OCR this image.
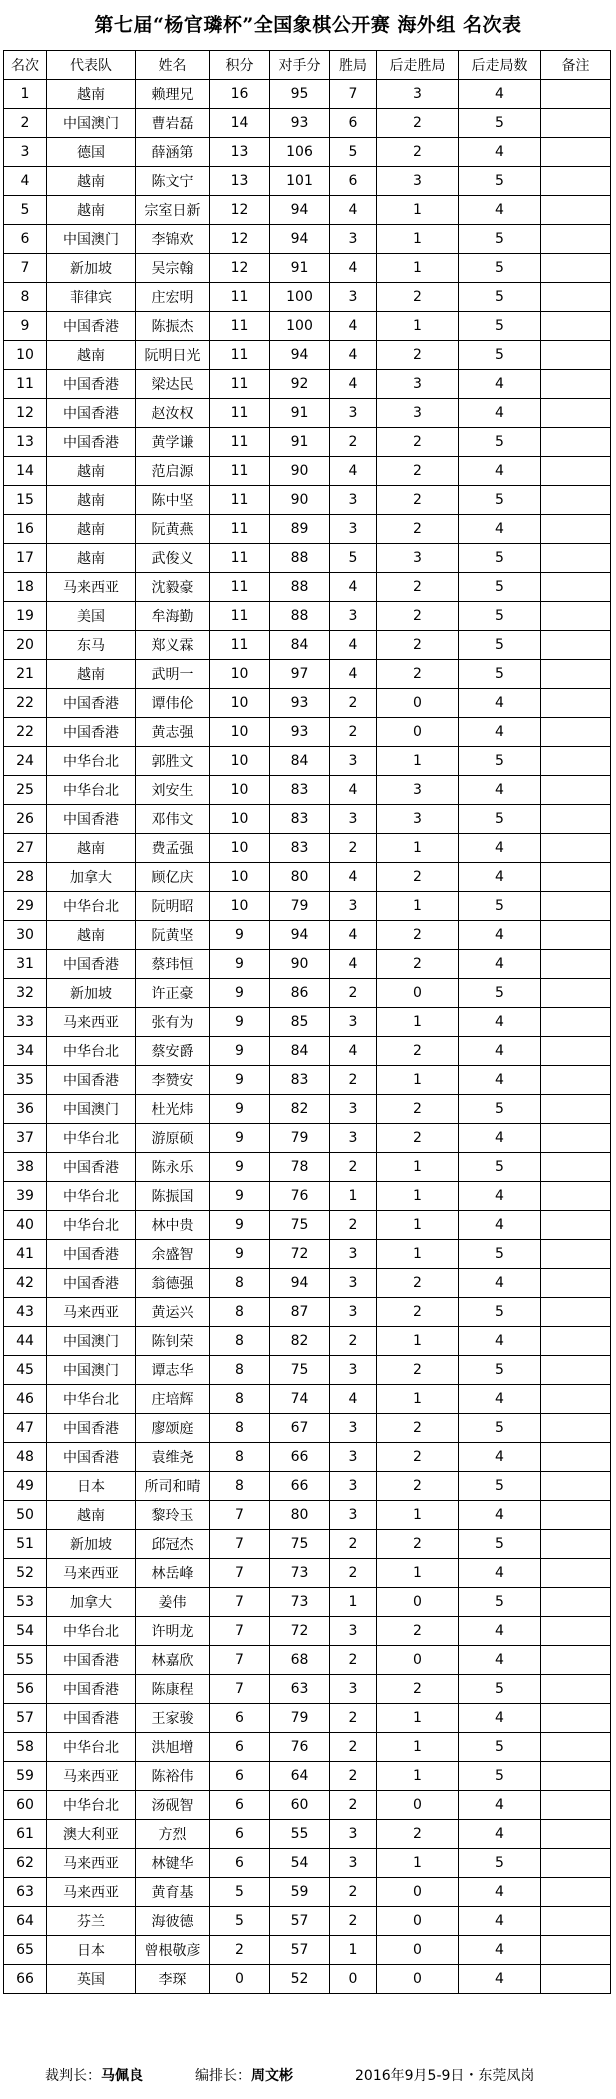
第七届“杨官璘杯”全国象棋公开赛 海外组 名次表
名次	代表队	姓名	积分	对手分	胜局	后走胜局	后走局数	备注
1	越南	赖理兄	16	95	7	3	4	
2	中国澳门	曹岩磊	14	93	6	2	5	
3	德国	薛涵第	13	106	5	2	4	
4	越南	陈文宁	13	101	6	3	5	
5	越南	宗室日新	12	94	4	1	4	
6	中国澳门	李锦欢	12	94	3	1	5	
7	新加坡	吴宗翰	12	91	4	1	5	
8	菲律宾	庄宏明	11	100	3	2	5	
9	中国香港	陈振杰	11	100	4	1	5	
10	越南	阮明日光	11	94	4	2	5	
11	中国香港	梁达民	11	92	4	3	4	
12	中国香港	赵汝权	11	91	3	3	4	
13	中国香港	黄学谦	11	91	2	2	5	
14	越南	范启源	11	90	4	2	4	
15	越南	陈中坚	11	90	3	2	5	
16	越南	阮黄燕	11	89	3	2	4	
17	越南	武俊义	11	88	5	3	5	
18	马来西亚	沈毅豪	11	88	4	2	5	
19	美国	牟海勤	11	88	3	2	5	
20	东马	郑义霖	11	84	4	2	5	
21	越南	武明一	10	97	4	2	5	
22	中国香港	谭伟伦	10	93	2	0	4	
22	中国香港	黄志强	10	93	2	0	4	
24	中华台北	郭胜文	10	84	3	1	5	
25	中华台北	刘安生	10	83	4	3	4	
26	中国香港	邓伟文	10	83	3	3	5	
27	越南	费孟强	10	83	2	1	4	
28	加拿大	顾亿庆	10	80	4	2	4	
29	中华台北	阮明昭	10	79	3	1	5	
30	越南	阮黄坚	9	94	4	2	4	
31	中国香港	蔡玮恒	9	90	4	2	4	
32	新加坡	许正豪	9	86	2	0	5	
33	马来西亚	张有为	9	85	3	1	4	
34	中华台北	蔡安爵	9	84	4	2	4	
35	中国香港	李赞安	9	83	2	1	4	
36	中国澳门	杜光炜	9	82	3	2	5	
37	中华台北	游原硕	9	79	3	2	4	
38	中国香港	陈永乐	9	78	2	1	5	
39	中华台北	陈振国	9	76	1	1	4	
40	中华台北	林中贵	9	75	2	1	4	
41	中国香港	余盛智	9	72	3	1	5	
42	中国香港	翁德强	8	94	3	2	4	
43	马来西亚	黄运兴	8	87	3	2	5	
44	中国澳门	陈钊荣	8	82	2	1	4	
45	中国澳门	谭志华	8	75	3	2	5	
46	中华台北	庄培辉	8	74	4	1	4	
47	中国香港	廖颂庭	8	67	3	2	5	
48	中国香港	袁维尧	8	66	3	2	4	
49	日本	所司和晴	8	66	3	2	5	
50	越南	黎玲玉	7	80	3	1	4	
51	新加坡	邱冠杰	7	75	2	2	5	
52	马来西亚	林岳峰	7	73	2	1	4	
53	加拿大	姜伟	7	73	1	0	5	
54	中华台北	许明龙	7	72	3	2	4	
55	中国香港	林嘉欣	7	68	2	0	4	
56	中国香港	陈康程	7	63	3	2	5	
57	中国香港	王家骏	6	79	2	1	4	
58	中华台北	洪旭增	6	76	2	1	5	
59	马来西亚	陈裕伟	6	64	2	1	5	
60	中华台北	汤砚智	6	60	2	0	4	
61	澳大利亚	方烈	6	55	3	2	4	
62	马来西亚	林键华	6	54	3	1	5	
63	马来西亚	黄育基	5	59	2	0	4	
64	芬兰	海彼德	5	57	2	0	4	
65	日本	曾根敬彦	2	57	1	0	4	
66	英国	李琛	0	52	0	0	4	
裁判长：马佩良	编排长：周文彬	2016年9月5-9日・东莞凤岗
